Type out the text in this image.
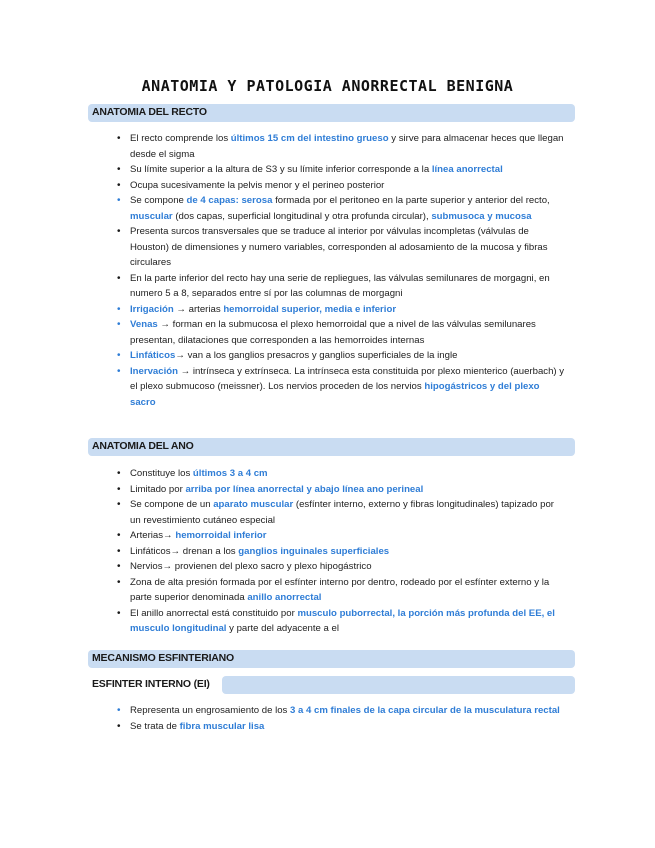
ANATOMIA Y PATOLOGIA ANORRECTAL BENIGNA
ANATOMIA DEL RECTO
• El recto comprende los últimos 15 cm del intestino grueso y sirve para almacenar heces que llegan desde el sigma
• Su límite superior a la altura de S3 y su límite inferior corresponde a la línea anorrectal
• Ocupa sucesivamente la pelvis menor y el perineo posterior
• Se compone de 4 capas: serosa formada por el peritoneo en la parte superior y anterior del recto, muscular (dos capas, superficial longitudinal y otra profunda circular), submusoca y mucosa
• Presenta surcos transversales que se traduce al interior por válvulas incompletas (válvulas de Houston) de dimensiones y numero variables, corresponden al adosamiento de la mucosa y fibras circulares
• En la parte inferior del recto hay una serie de repliegues, las válvulas semilunares de morgagni, en numero 5 a 8, separados entre sí por las columnas de morgagni
• Irrigación → arterias hemorroidal superior, media e inferior
• Venas → forman en la submucosa el plexo hemorroidal que a nivel de las válvulas semilunares presentan, dilataciones que corresponden a las hemorroides internas
• Linfáticos→ van a los ganglios presacros y ganglios superficiales de la ingle
• Inervación → intrínseca y extrínseca. La intrínseca esta constituida por plexo mienterico (auerbach) y el plexo submucoso (meissner). Los nervios proceden de los nervios hipogástricos y del plexo sacro
ANATOMIA DEL ANO
• Constituye los últimos 3 a 4 cm
• Limitado por arriba por línea anorrectal y abajo línea ano perineal
• Se compone de un aparato muscular (esfínter interno, externo y fibras longitudinales) tapizado por un revestimiento cutáneo especial
• Arterias→ hemorroidal inferior
• Linfáticos→ drenan a los ganglios inguinales superficiales
• Nervios→ provienen del plexo sacro y plexo hipogástrico
• Zona de alta presión formada por el esfínter interno por dentro, rodeado por el esfínter externo y la parte superior denominada anillo anorrectal
• El anillo anorrectal está constituido por musculo puborrectal, la porción más profunda del EE, el musculo longitudinal y parte del adyacente a el
MECANISMO ESFINTERIANO
ESFINTER INTERNO (EI)
• Representa un engrosamiento de los 3 a 4 cm finales de la capa circular de la musculatura rectal
• Se trata de fibra muscular lisa
